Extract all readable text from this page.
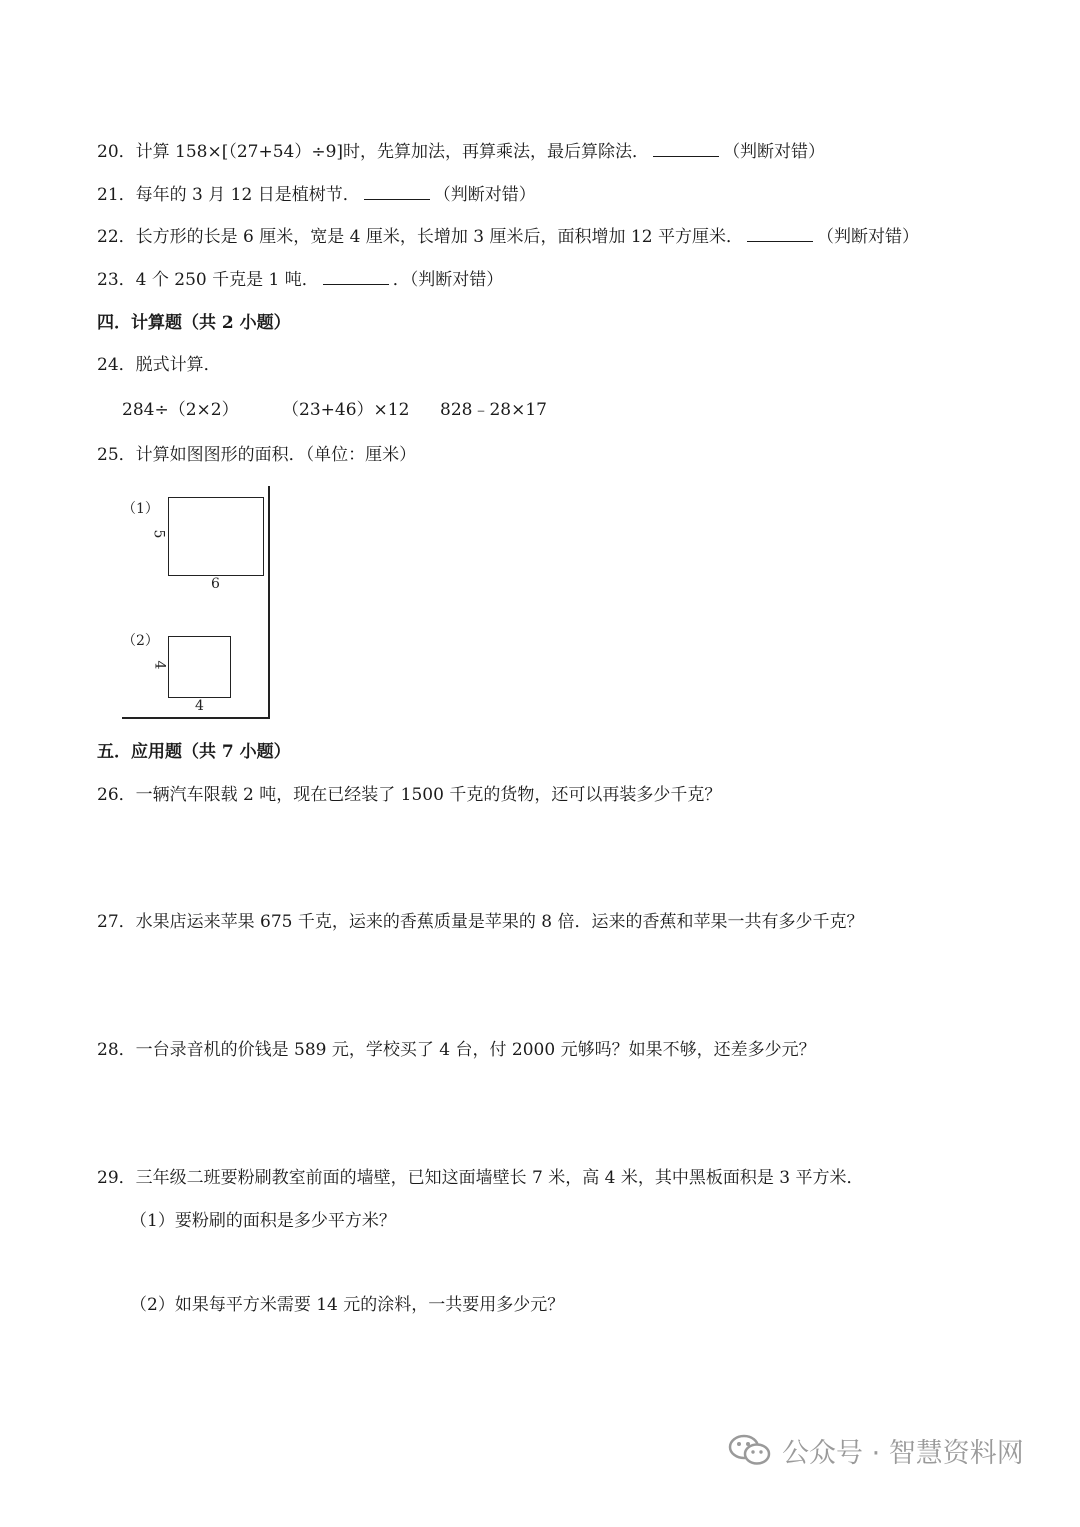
20．计算 158×[（27+54）÷9]时，先算加法，再算乘法，最后算除法．	（判断对错）
21．每年的 3 月 12 日是植树节．	（判断对错）
22．长方形的长是 6 厘米，宽是 4 厘米，长增加 3 厘米后，面积增加 12 平方厘米．	（判断对错）
23．4 个 250 千克是 1 吨．	．（判断对错）
四．计算题（共 2 小题）
24．脱式计算．
284÷（2×2）	（23+46）×12 828﹣28×17
25．计算如图图形的面积．（单位：厘米）
（1）
5
6
（2）
4
4
五．应用题（共 7 小题）
26．一辆汽车限载 2 吨，现在已经装了 1500 千克的货物，还可以再装多少千克？
27．水果店运来苹果 675 千克，运来的香蕉质量是苹果的 8 倍．运来的香蕉和苹果一共有多少千克？
28．一台录音机的价钱是 589 元，学校买了 4 台，付 2000 元够吗？如果不够，还差多少元？
29．三年级二班要粉刷教室前面的墙壁，已知这面墙壁长 7 米，高 4 米，其中黑板面积是 3 平方米．
（1）要粉刷的面积是多少平方米？
（2）如果每平方米需要 14 元的涂料，一共要用多少元？
公众号 · 智慧资料网
